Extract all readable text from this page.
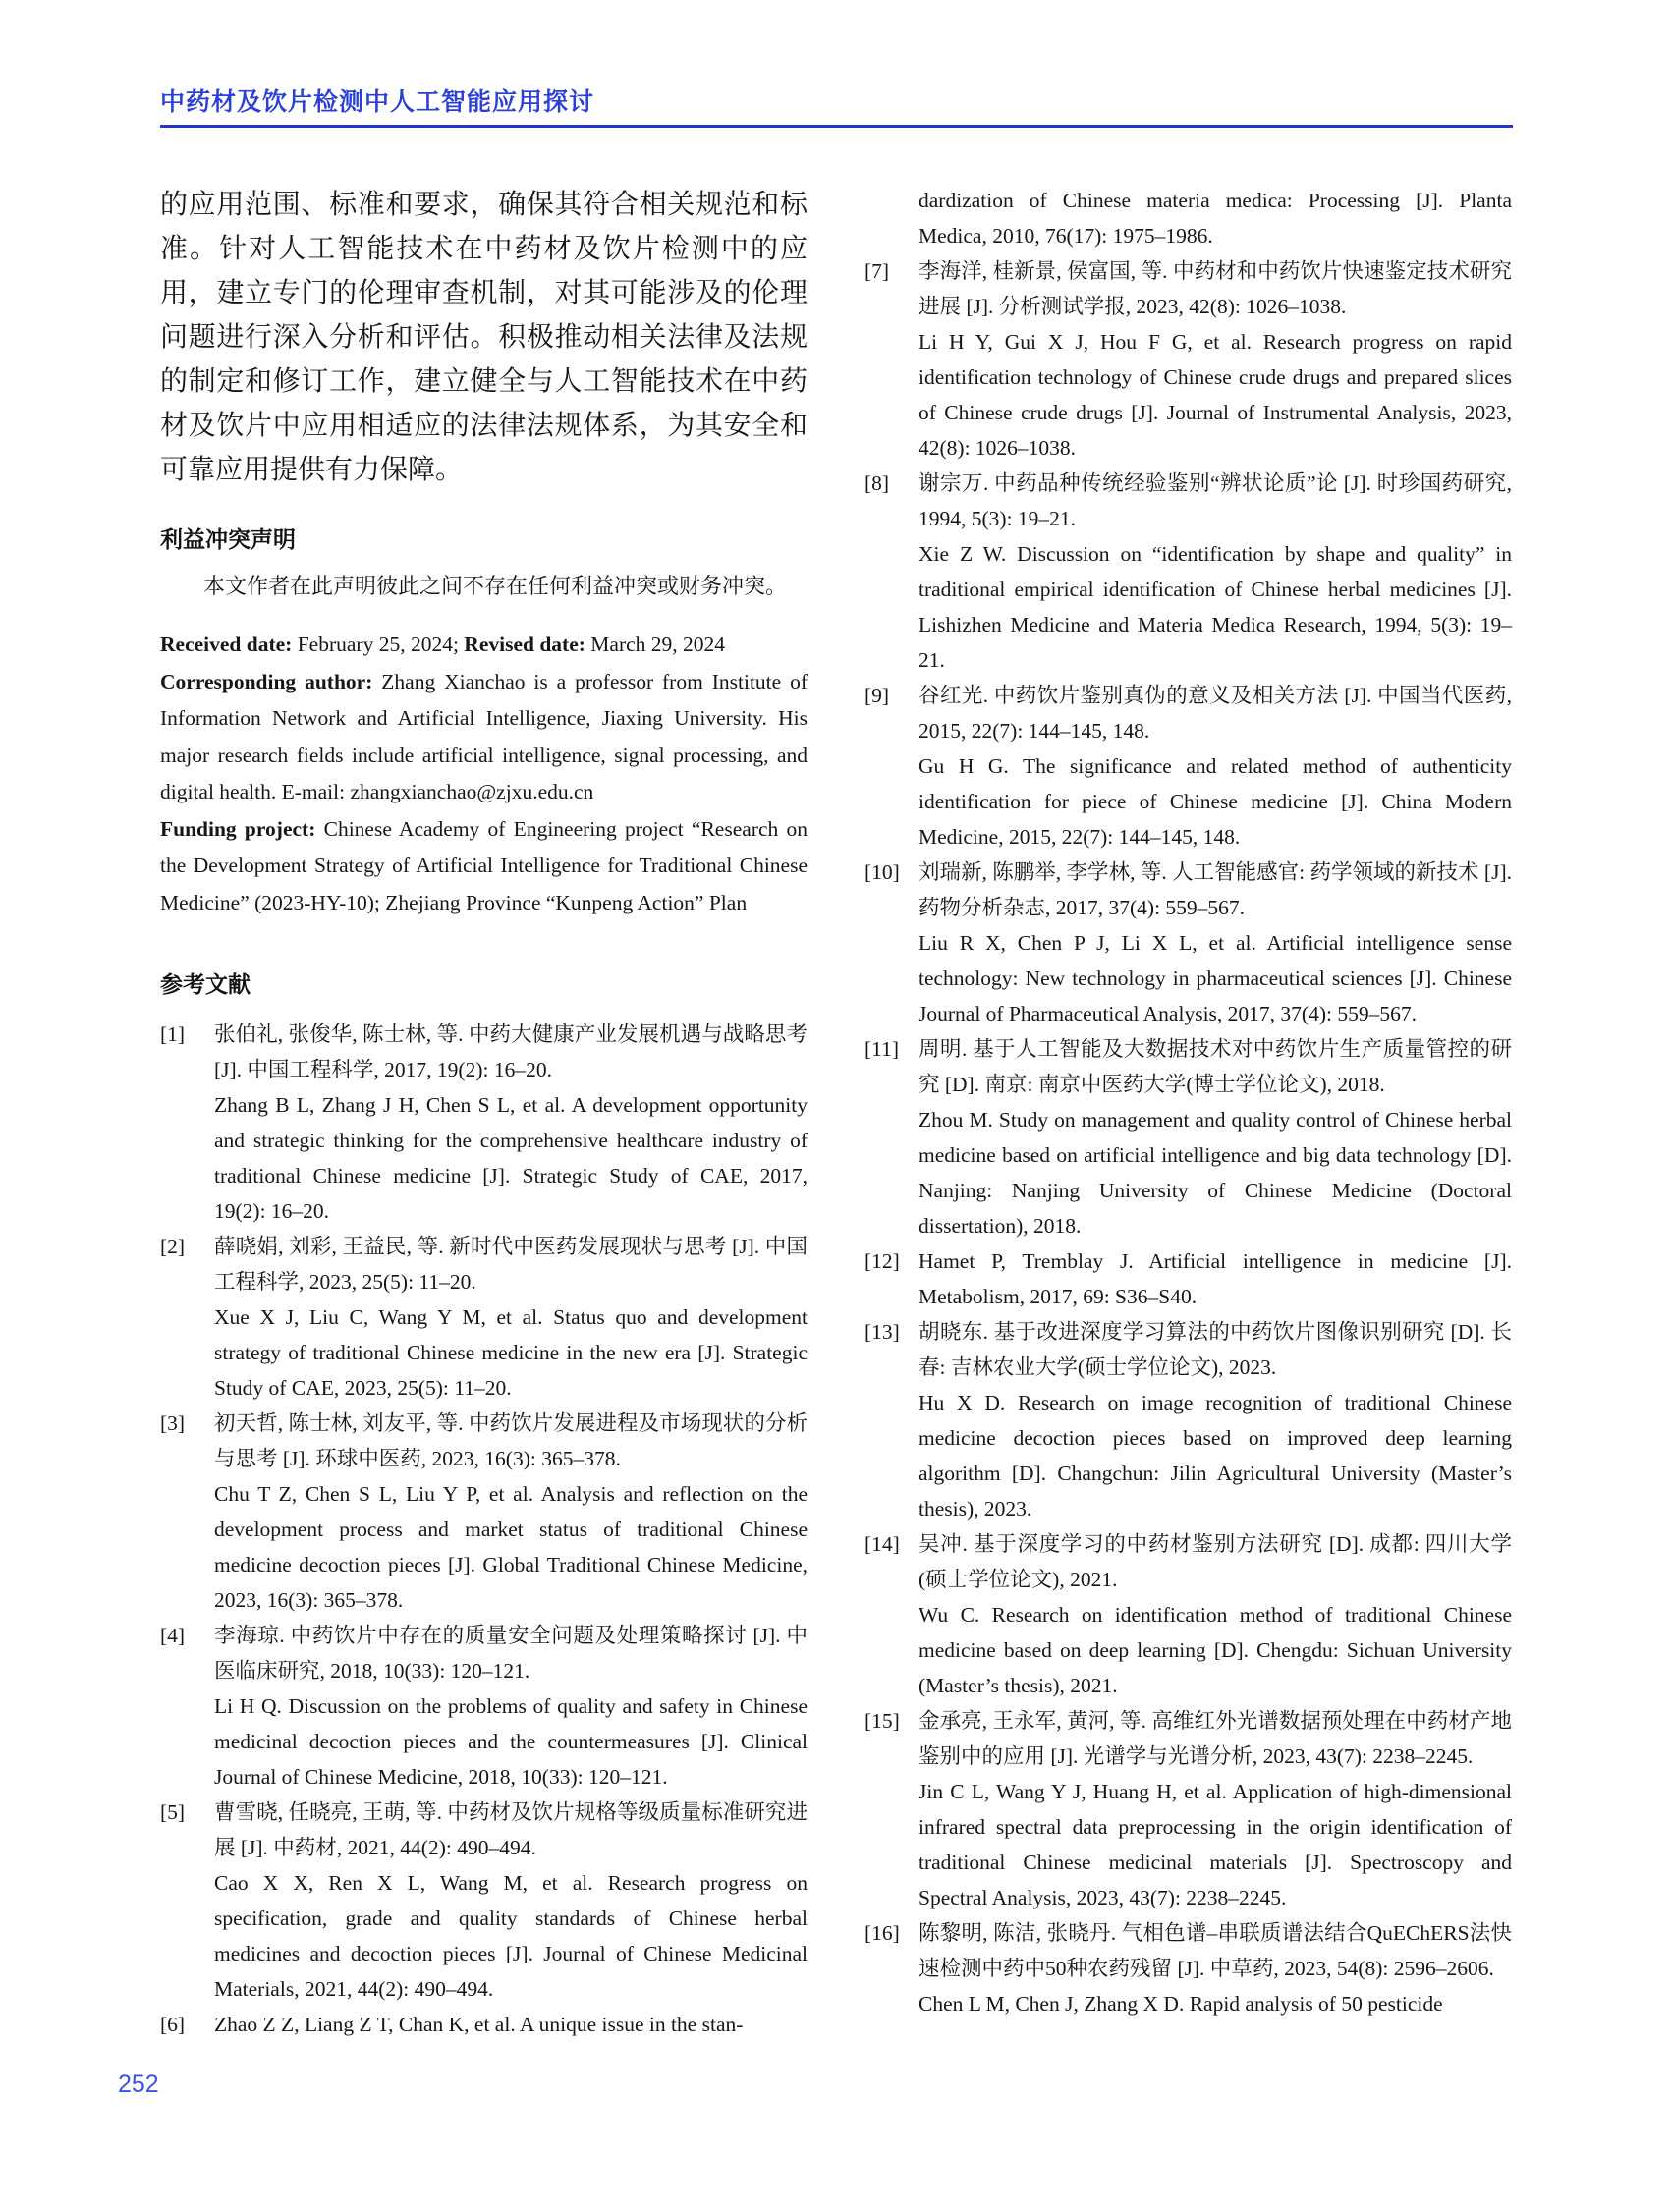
中药材及饮片检测中人工智能应用探讨
的应用范围、标准和要求，确保其符合相关规范和标准。针对人工智能技术在中药材及饮片检测中的应用，建立专门的伦理审查机制，对其可能涉及的伦理问题进行深入分析和评估。积极推动相关法律及法规的制定和修订工作，建立健全与人工智能技术在中药材及饮片中应用相适应的法律法规体系，为其安全和可靠应用提供有力保障。
利益冲突声明
本文作者在此声明彼此之间不存在任何利益冲突或财务冲突。
Received date: February 25, 2024; Revised date: March 29, 2024
Corresponding author: Zhang Xianchao is a professor from Institute of Information Network and Artificial Intelligence, Jiaxing University. His major research fields include artificial intelligence, signal processing, and digital health. E-mail: zhangxianchao@zjxu.edu.cn
Funding project: Chinese Academy of Engineering project “Research on the Development Strategy of Artificial Intelligence for Traditional Chinese Medicine” (2023-HY-10); Zhejiang Province “Kunpeng Action” Plan
参考文献
[1]	张伯礼, 张俊华, 陈士林, 等. 中药大健康产业发展机遇与战略思考 [J]. 中国工程科学, 2017, 19(2): 16–20.
Zhang B L, Zhang J H, Chen S L, et al. A development opportunity and strategic thinking for the comprehensive healthcare industry of traditional Chinese medicine [J]. Strategic Study of CAE, 2017, 19(2): 16–20.
[2]	薛晓娟, 刘彩, 王益民, 等. 新时代中医药发展现状与思考 [J]. 中国工程科学, 2023, 25(5): 11–20.
Xue X J, Liu C, Wang Y M, et al. Status quo and development strategy of traditional Chinese medicine in the new era [J]. Strategic Study of CAE, 2023, 25(5): 11–20.
[3]	初天哲, 陈士林, 刘友平, 等. 中药饮片发展进程及市场现状的分析与思考 [J]. 环球中医药, 2023, 16(3): 365–378.
Chu T Z, Chen S L, Liu Y P, et al. Analysis and reflection on the development process and market status of traditional Chinese medicine decoction pieces [J]. Global Traditional Chinese Medicine, 2023, 16(3): 365–378.
[4]	李海琼. 中药饮片中存在的质量安全问题及处理策略探讨 [J]. 中医临床研究, 2018, 10(33): 120–121.
Li H Q. Discussion on the problems of quality and safety in Chinese medicinal decoction pieces and the countermeasures [J]. Clinical Journal of Chinese Medicine, 2018, 10(33): 120–121.
[5]	曹雪晓, 任晓亮, 王萌, 等. 中药材及饮片规格等级质量标准研究进展 [J]. 中药材, 2021, 44(2): 490–494.
Cao X X, Ren X L, Wang M, et al. Research progress on specification, grade and quality standards of Chinese herbal medicines and decoction pieces [J]. Journal of Chinese Medicinal Materials, 2021, 44(2): 490–494.
[6]	Zhao Z Z, Liang Z T, Chan K, et al. A unique issue in the stan-
dardization of Chinese materia medica: Processing [J]. Planta Medica, 2010, 76(17): 1975–1986.
[7]	李海洋, 桂新景, 侯富国, 等. 中药材和中药饮片快速鉴定技术研究进展 [J]. 分析测试学报, 2023, 42(8): 1026–1038.
Li H Y, Gui X J, Hou F G, et al. Research progress on rapid identification technology of Chinese crude drugs and prepared slices of Chinese crude drugs [J]. Journal of Instrumental Analysis, 2023, 42(8): 1026–1038.
[8]	谢宗万. 中药品种传统经验鉴别“辨状论质”论 [J]. 时珍国药研究, 1994, 5(3): 19–21.
Xie Z W. Discussion on “identification by shape and quality” in traditional empirical identification of Chinese herbal medicines [J]. Lishizhen Medicine and Materia Medica Research, 1994, 5(3): 19–21.
[9]	谷红光. 中药饮片鉴别真伪的意义及相关方法 [J]. 中国当代医药, 2015, 22(7): 144–145, 148.
Gu H G. The significance and related method of authenticity identification for piece of Chinese medicine [J]. China Modern Medicine, 2015, 22(7): 144–145, 148.
[10] 刘瑞新, 陈鹏举, 李学林, 等. 人工智能感官: 药学领域的新技术 [J]. 药物分析杂志, 2017, 37(4): 559–567.
Liu R X, Chen P J, Li X L, et al. Artificial intelligence sense technology: New technology in pharmaceutical sciences [J]. Chinese Journal of Pharmaceutical Analysis, 2017, 37(4): 559–567.
[11] 周明. 基于人工智能及大数据技术对中药饮片生产质量管控的研究 [D]. 南京: 南京中医药大学(博士学位论文), 2018.
Zhou M. Study on management and quality control of Chinese herbal medicine based on artificial intelligence and big data technology [D]. Nanjing: Nanjing University of Chinese Medicine (Doctoral dissertation), 2018.
[12] Hamet P, Tremblay J. Artificial intelligence in medicine [J]. Metabolism, 2017, 69: S36–S40.
[13] 胡晓东. 基于改进深度学习算法的中药饮片图像识别研究 [D]. 长春: 吉林农业大学(硕士学位论文), 2023.
Hu X D. Research on image recognition of traditional Chinese medicine decoction pieces based on improved deep learning algorithm [D]. Changchun: Jilin Agricultural University (Master’s thesis), 2023.
[14] 吴冲. 基于深度学习的中药材鉴别方法研究 [D]. 成都: 四川大学(硕士学位论文), 2021.
Wu C. Research on identification method of traditional Chinese medicine based on deep learning [D]. Chengdu: Sichuan University (Master’s thesis), 2021.
[15] 金承亮, 王永军, 黄河, 等. 高维红外光谱数据预处理在中药材产地鉴别中的应用 [J]. 光谱学与光谱分析, 2023, 43(7): 2238–2245.
Jin C L, Wang Y J, Huang H, et al. Application of high-dimensional infrared spectral data preprocessing in the origin identification of traditional Chinese medicinal materials [J]. Spectroscopy and Spectral Analysis, 2023, 43(7): 2238–2245.
[16] 陈黎明, 陈洁, 张晓丹. 气相色谱–串联质谱法结合QuEChERS法快速检测中药中50种农药残留 [J]. 中草药, 2023, 54(8): 2596–2606.
Chen L M, Chen J, Zhang X D. Rapid analysis of 50 pesticide
252
